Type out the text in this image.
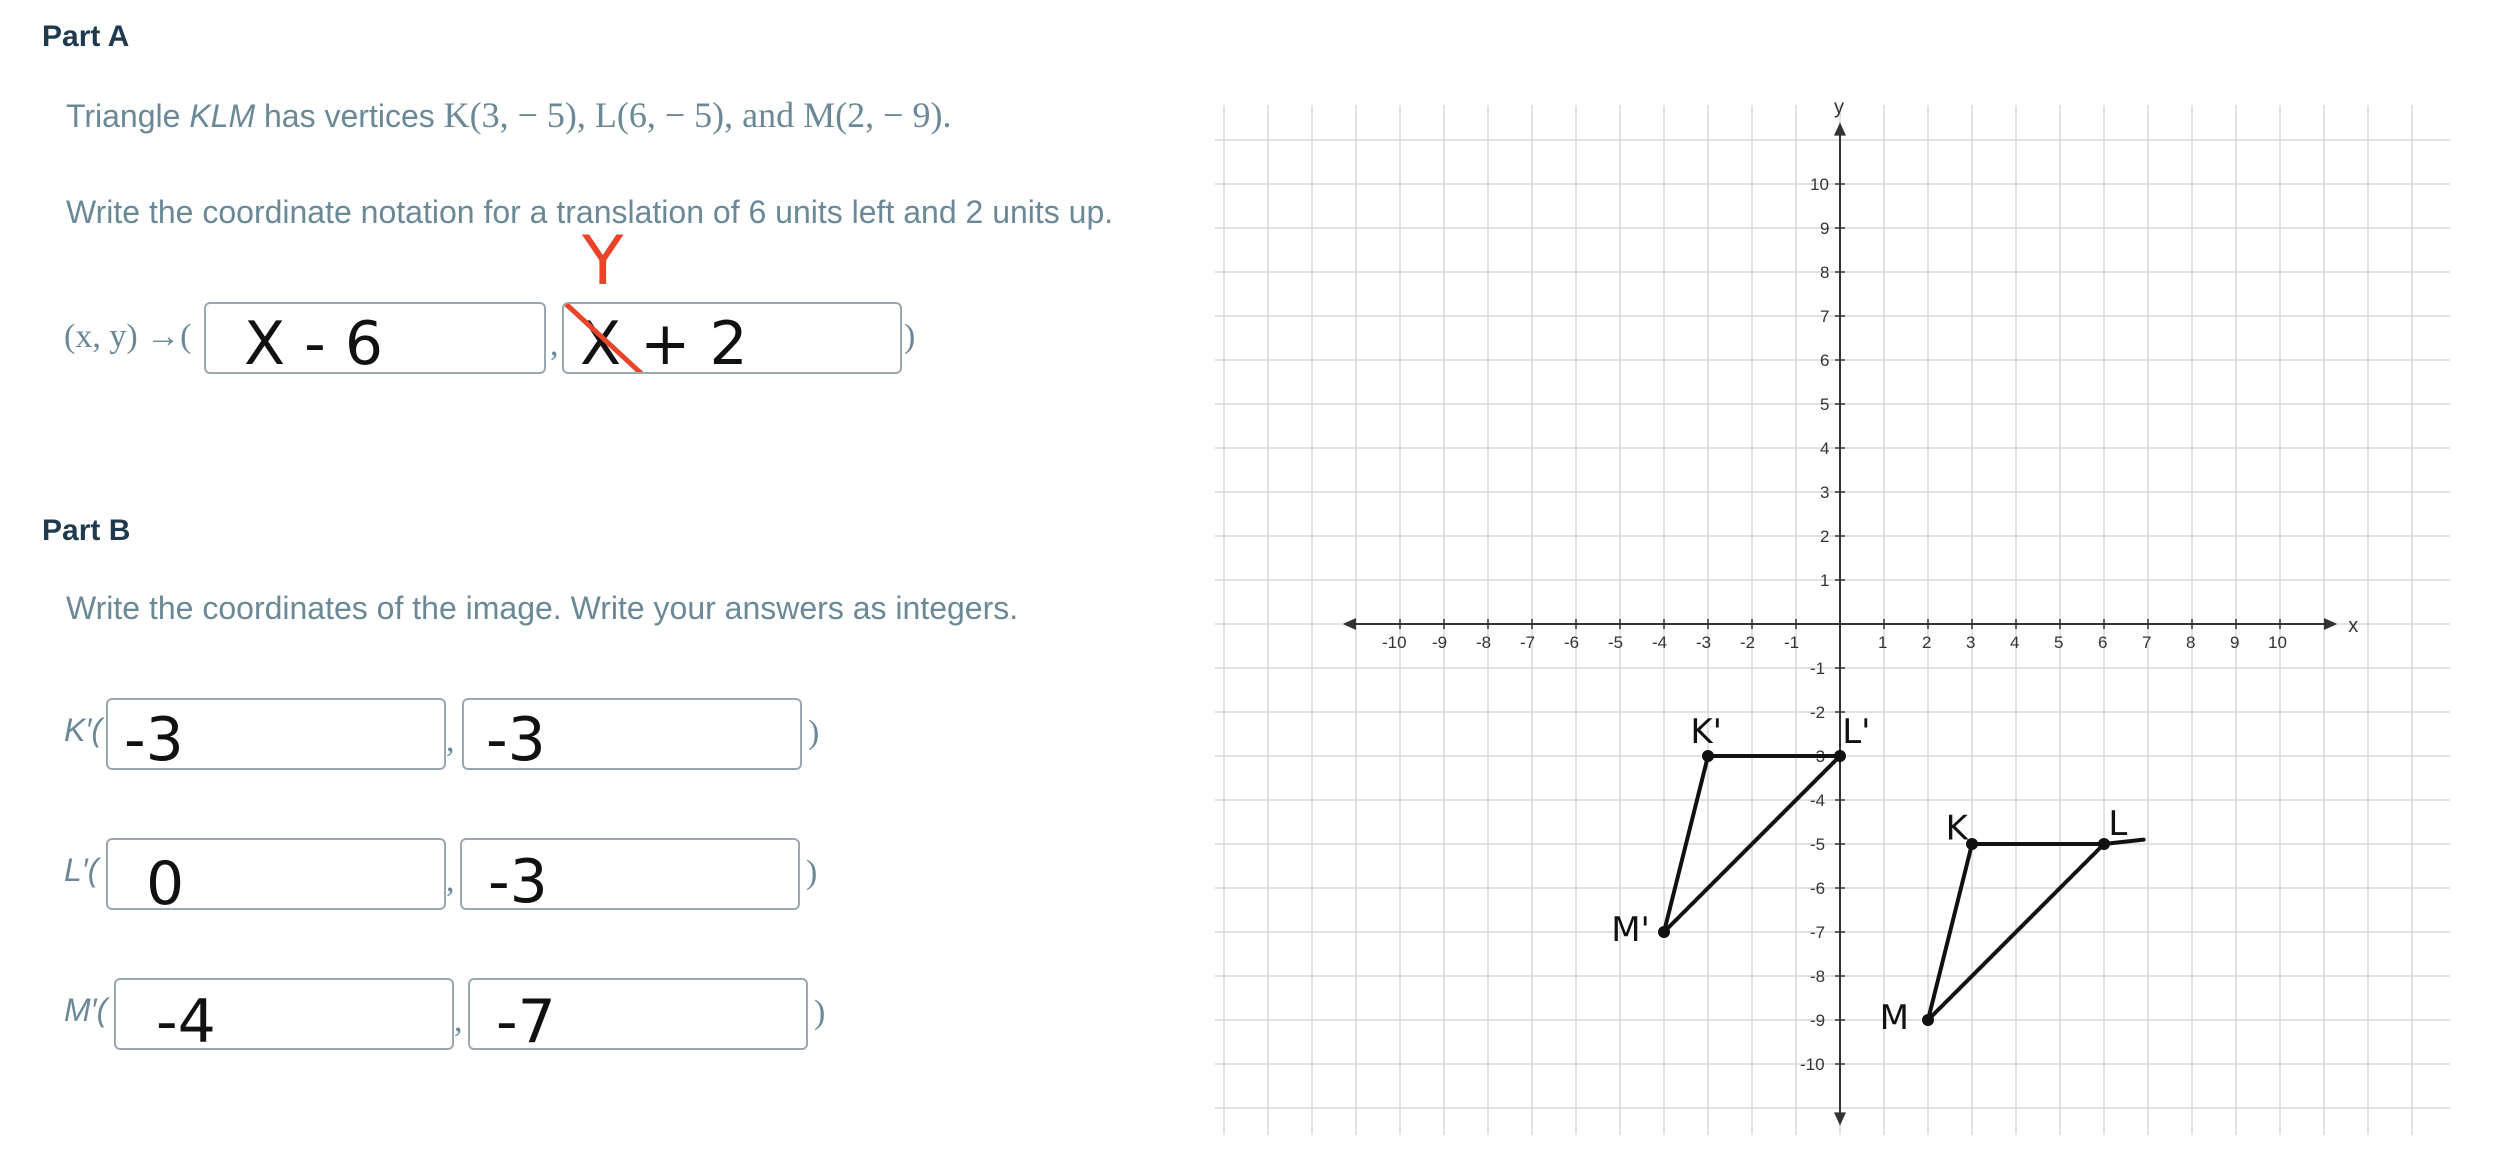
Part A
Triangle KLM has vertices K(3, − 5), L(6, − 5), and M(2, − 9).
Write the coordinate notation for a translation of 6 units left and 2 units up.
(x, y) →( X - 6	, X + 2	)
Y
Part B
Write the coordinates of the image. Write your answers as integers.
K′( -3	, -3	)
L′( 0	, -3	)
M′( -4	, -7	)
x
y
-10 -9 -8 -7 -6 -5 -4 -3 -2 -1	1 2 3 4 5 6 7 8 9 10
10
9
8
7
6
5
4
3
2
1
-1
-2
-3
-4
-5
-6
-7
-8
-9
-10
K	L
M
K'	L'
M'
